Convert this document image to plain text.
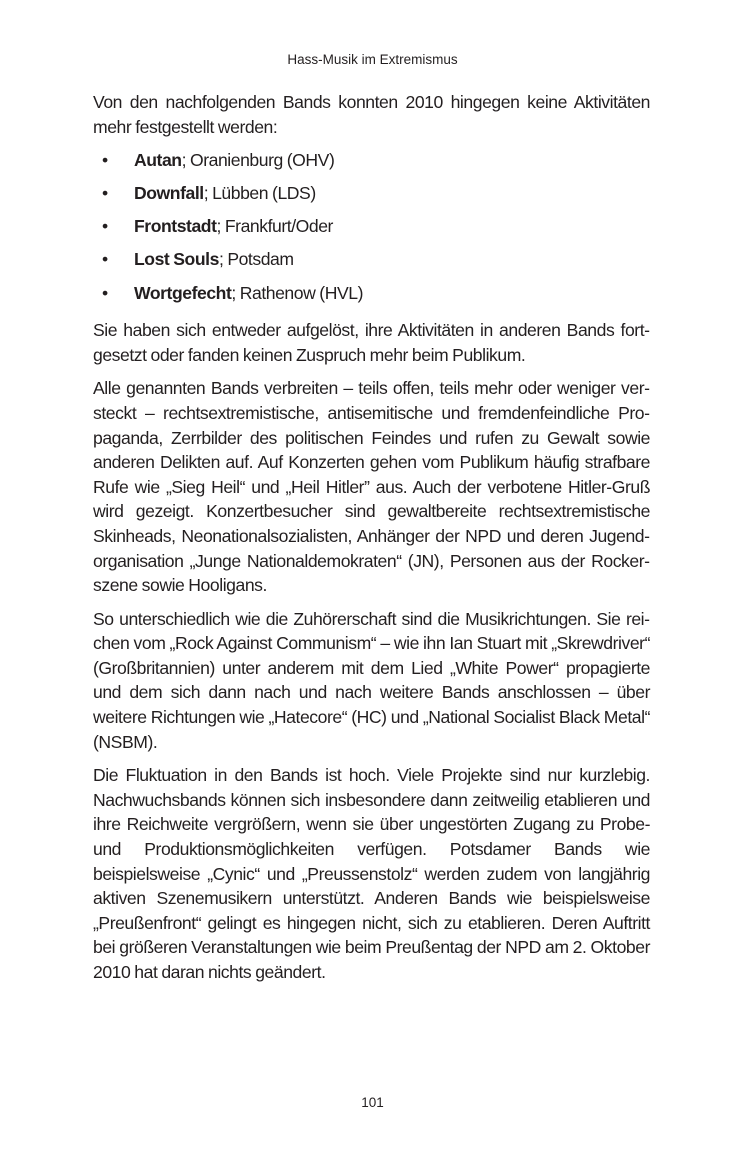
Hass-Musik im Extremismus

Von den nachfolgenden Bands konnten 2010 hingegen keine Aktivitäten mehr festgestellt werden:

• Autan; Oranienburg (OHV)
• Downfall; Lübben (LDS)
• Frontstadt; Frankfurt/Oder
• Lost Souls; Potsdam
• Wortgefecht; Rathenow (HVL)

Sie haben sich entweder aufgelöst, ihre Aktivitäten in anderen Bands fortgesetzt oder fanden keinen Zuspruch mehr beim Publikum.

Alle genannten Bands verbreiten – teils offen, teils mehr oder weniger versteckt – rechtsextremistische, antisemitische und fremdenfeindliche Propaganda, Zerrbilder des politischen Feindes und rufen zu Gewalt sowie anderen Delikten auf. Auf Konzerten gehen vom Publikum häufig strafbare Rufe wie „Sieg Heil“ und „Heil Hitler” aus. Auch der verbotene Hitler-Gruß wird gezeigt. Konzertbesucher sind gewaltbereite rechtsextremistische Skinheads, Neonationalsozialisten, Anhänger der NPD und deren Jugendorganisation „Junge Nationaldemokraten“ (JN), Personen aus der Rockerszene sowie Hooligans.

So unterschiedlich wie die Zuhörerschaft sind die Musikrichtungen. Sie reichen vom „Rock Against Communism“ – wie ihn Ian Stuart mit „Skrewdriver“ (Großbritannien) unter anderem mit dem Lied „White Power“ propagierte und dem sich dann nach und nach weitere Bands anschlossen – über weitere Richtungen wie „Hatecore“ (HC) und „National Socialist Black Metal“ (NSBM).

Die Fluktuation in den Bands ist hoch. Viele Projekte sind nur kurzlebig. Nachwuchsbands können sich insbesondere dann zeitweilig etablieren und ihre Reichweite vergrößern, wenn sie über ungestörten Zugang zu Probe- und Produktionsmöglichkeiten verfügen. Potsdamer Bands wie beispielsweise „Cynic“ und „Preussenstolz“ werden zudem von langjährig aktiven Szenemusikern unterstützt. Anderen Bands wie beispielsweise „Preußenfront“ gelingt es hingegen nicht, sich zu etablieren. Deren Auftritt bei größeren Veranstaltungen wie beim Preußentag der NPD am 2. Oktober 2010 hat daran nichts geändert.

101
